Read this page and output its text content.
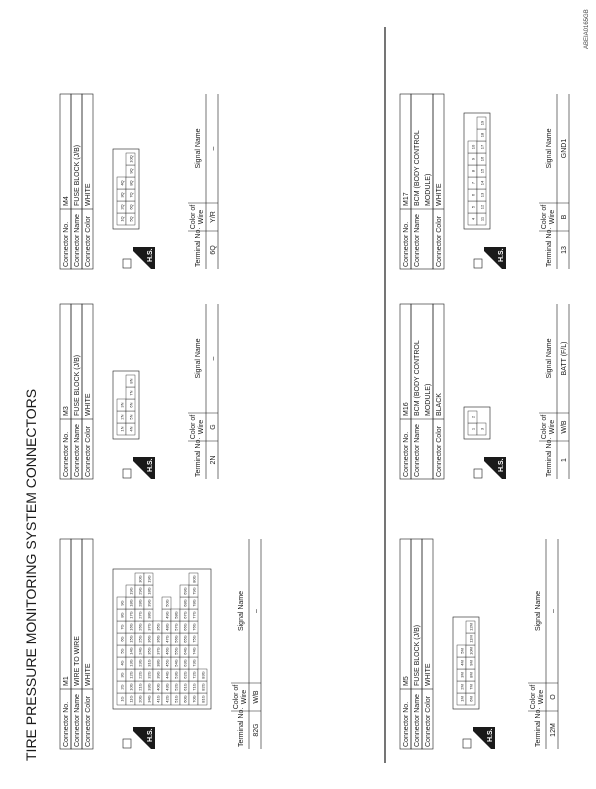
TIRE PRESSURE MONITORING SYSTEM CONNECTORS
ABEIA0165GB
Connector No.
M1
Connector Name
WIRE TO WIRE
Connector Color
WHITE
H.S.
1G
2G
3G
4G
5G
6G
7G
8G
9G
11G
10G
12G
13G
14G
15G
16G
17G
18G
19G
20G
21G
22G
23G
24G
25G
26G
27G
28G
29G
30G
34G
33G
32G
31G
35G
36G
37G
38G
39G
18G
19G
41G
40G
39G
38G
37G
36G
35G
42G
43G
44G
45G
46G
47G
48G
49G
50G
51G
52G
53G
54G
55G
56G
57G
58G
60G
61G
62G
63G
64G
65G
66G
67G
68G
69G
70G
71G
72G
73G
74G
75G
76G
77G
78G
79G
80G
81G
82G
83G
Terminal No.
Color of Wire
Signal Name
82G
W/B
–
Connector No.
M3
Connector Name
FUSE BLOCK (J/B)
Connector Color
WHITE
H.S.
1N
2N
3N
4N
5N
6N
7N
8N
Terminal No.
Color of Wire
Signal Name
2N
G
–
Connector No.
M4
Connector Name
FUSE BLOCK (J/B)
Connector Color
WHITE
H.S.
1Q
2Q
3Q
4Q
5Q
6Q
7Q
8Q
9Q
10Q
Terminal No.
Color of Wire
Signal Name
6Q
Y/R
–
Connector No.
M5
Connector Name
FUSE BLOCK (J/B)
Connector Color
WHITE
H.S.
1M
2M
3M
4M
5M
6M
7M
8M
9M
10M
11M
12M
Terminal No.
Color of Wire
Signal Name
12M
O
–
Connector No.
M16
Connector Name
BCM (BODY CONTROL MODULE)
Connector Color
BLACK
H.S.
1
2
3
Terminal No.
Color of Wire
Signal Name
1
W/B
BATT (F/L)
Connector No.
M17
Connector Name
BCM (BODY CONTROL MODULE)
Connector Color
WHITE
H.S.
4
5
6
7
8
9
10
11
12
13
14
15
16
17
18
19
Terminal No.
Color of Wire
Signal Name
13
B
GND1
